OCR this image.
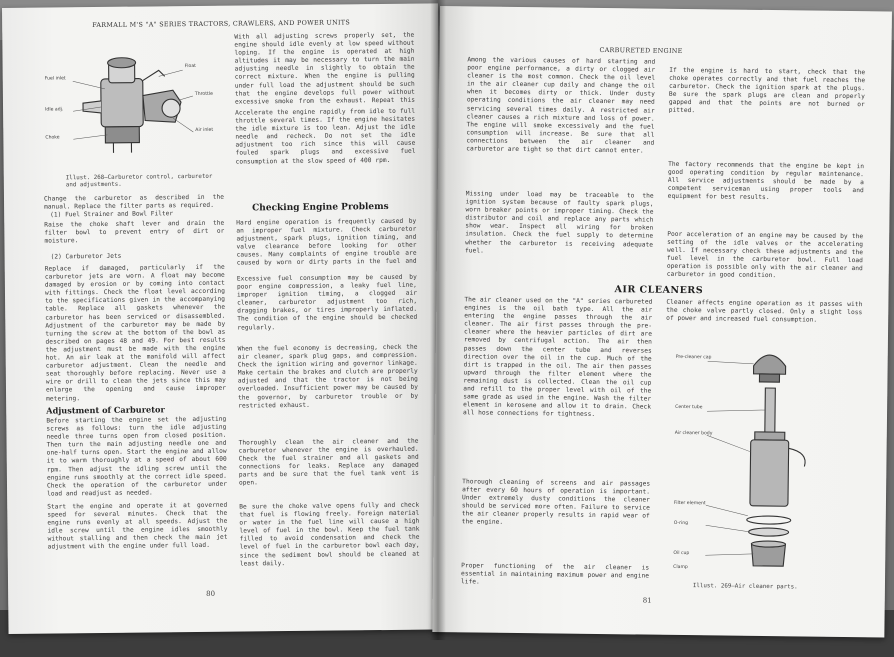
FARMALL M'S "A" SERIES TRACTORS, CRAWLERS, AND POWER UNITS
Fuel inlet
Idle adj.
Choke
Float
Throttle
Air inlet
Illust. 268—Carburetor control, carburetor and adjustments.
Change the carburetor as described in the manual. Replace the filter parts as required.
(1) Fuel Strainer and Bowl Filter
Raise the choke shaft lever and drain the filter bowl to prevent entry of dirt or moisture.
(2) Carburetor Jets
Replace if damaged, particularly if the carburetor jets are worn. A float may become damaged by erosion or by coming into contact with fittings. Check the float level according to the specifications given in the accompanying table. Replace all gaskets whenever the carburetor has been serviced or disassembled. Adjustment of the carburetor may be made by turning the screw at the bottom of the bowl as described on pages 48 and 49. For best results the adjustment must be made with the engine hot. An air leak at the manifold will affect carburetor adjustment. Clean the needle and seat thoroughly before replacing. Never use a wire or drill to clean the jets since this may enlarge the opening and cause improper metering.
Adjustment of Carburetor
Before starting the engine set the adjusting screws as follows: turn the idle adjusting needle three turns open from closed position. Then turn the main adjusting needle one and one-half turns open. Start the engine and allow it to warm thoroughly at a speed of about 600 rpm. Then adjust the idling screw until the engine runs smoothly at the correct idle speed. Check the operation of the carburetor under load and readjust as needed.
Start the engine and operate it at governed speed for several minutes. Check that the engine runs evenly at all speeds. Adjust the idle screw until the engine idles smoothly without stalling and then check the main jet adjustment with the engine under full load.
With all adjusting screws properly set, the engine should idle evenly at low speed without loping. If the engine is operated at high altitudes it may be necessary to turn the main adjusting needle in slightly to obtain the correct mixture. When the engine is pulling under full load the adjustment should be such that the engine develops full power without excessive smoke from the exhaust. Repeat this
Accelerate the engine rapidly from idle to full throttle several times. If the engine hesitates the idle mixture is too lean. Adjust the idle needle and recheck. Do not set the idle adjustment too rich since this will cause fouled spark plugs and excessive fuel consumption at the slow speed of 400 rpm.
Checking Engine Problems
Hard engine operation is frequently caused by an improper fuel mixture. Check carburetor adjustment, spark plugs, ignition timing, and valve clearance before looking for other causes. Many complaints of engine trouble are caused by worn or dirty parts in the fuel and
Excessive fuel consumption may be caused by poor engine compression, a leaky fuel line, improper ignition timing, a clogged air cleaner, carburetor adjustment too rich, dragging brakes, or tires improperly inflated. The condition of the engine should be checked regularly.
When the fuel economy is decreasing, check the air cleaner, spark plug gaps, and compression. Check the ignition wiring and governor linkage. Make certain the brakes and clutch are properly adjusted and that the tractor is not being overloaded. Insufficient power may be caused by the governor, by carburetor trouble or by restricted exhaust.
Thoroughly clean the air cleaner and the carburetor whenever the engine is overhauled. Check the fuel strainer and all gaskets and connections for leaks. Replace any damaged parts and be sure that the fuel tank vent is open.
Be sure the choke valve opens fully and check that fuel is flowing freely. Foreign material or water in the fuel line will cause a high level of fuel in the bowl. Keep the fuel tank filled to avoid condensation and check the level of fuel in the carburetor bowl each day, since the sediment bowl should be cleaned at least daily.
80
CARBURETED ENGINE
Among the various causes of hard starting and poor engine performance, a dirty or clogged air cleaner is the most common. Check the oil level in the air cleaner cup daily and change the oil when it becomes dirty or thick. Under dusty operating conditions the air cleaner may need servicing several times daily. A restricted air cleaner causes a rich mixture and loss of power. The engine will smoke excessively and the fuel consumption will increase. Be sure that all connections between the air cleaner and carburetor are tight so that dirt cannot enter.
Missing under load may be traceable to the ignition system because of faulty spark plugs, worn breaker points or improper timing. Check the distributor and coil and replace any parts which show wear. Inspect all wiring for broken insulation. Check the fuel supply to determine whether the carburetor is receiving adequate fuel.
If the engine is hard to start, check that the choke operates correctly and that fuel reaches the carburetor. Check the ignition spark at the plugs. Be sure the spark plugs are clean and properly gapped and that the points are not burned or pitted.
The factory recommends that the engine be kept in good operating condition by regular maintenance. All service adjustments should be made by a competent serviceman using proper tools and equipment for best results.
Poor acceleration of an engine may be caused by the setting of the idle valves or the accelerating well. If necessary check these adjustments and the fuel level in the carburetor bowl. Full load operation is possible only with the air cleaner and carburetor in good condition.
AIR CLEANERS
The air cleaner used on the "A" series carbureted engines is the oil bath type. All the air entering the engine passes through the air cleaner. The air first passes through the pre-cleaner where the heavier particles of dirt are removed by centrifugal action. The air then passes down the center tube and reverses direction over the oil in the cup. Much of the dirt is trapped in the oil. The air then passes upward through the filter element where the remaining dust is collected. Clean the oil cup and refill to the proper level with oil of the same grade as used in the engine. Wash the filter element in kerosene and allow it to drain. Check all hose connections for tightness.
Thorough cleaning of screens and air passages after every 60 hours of operation is important. Under extremely dusty conditions the cleaner should be serviced more often. Failure to service the air cleaner properly results in rapid wear of the engine.
Proper functioning of the air cleaner is essential in maintaining maximum power and engine life.
Cleaner affects engine operation as it passes with the choke valve partly closed. Only a slight loss of power and increased fuel consumption.
Pre-cleaner cap
Center tube
Air cleaner body
Filter element
O-ring
Oil cup
Clamp
Illust. 269—Air cleaner parts.
81
